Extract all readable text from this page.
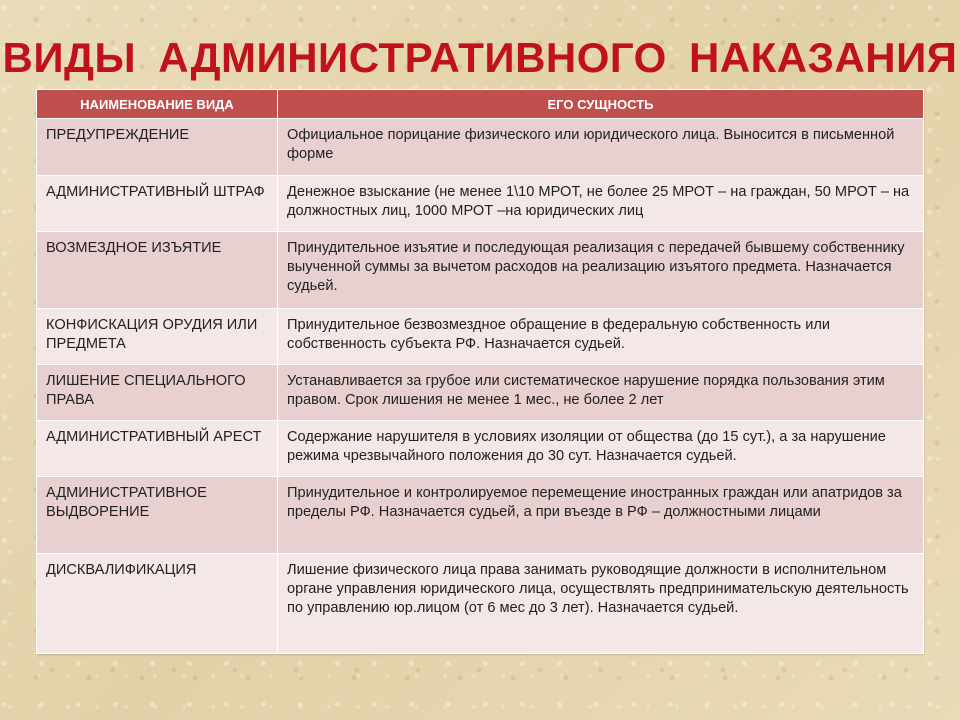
ВИДЫ АДМИНИСТРАТИВНОГО НАКАЗАНИЯ
НАИМЕНОВАНИЕ ВИДА	ЕГО СУЩНОСТЬ
ПРЕДУПРЕЖДЕНИЕ	Официальное порицание физического или юридического лица. Выносится в письменной форме
АДМИНИСТРАТИВНЫЙ ШТРАФ	Денежное взыскание (не менее 1\10 МРОТ, не более 25 МРОТ – на граждан, 50 МРОТ – на должностных лиц, 1000 МРОТ –на юридических лиц
ВОЗМЕЗДНОЕ ИЗЪЯТИЕ	Принудительное изъятие и последующая реализация с передачей бывшему собственнику выученной суммы за вычетом расходов на реализацию изъятого предмета. Назначается судьей.
КОНФИСКАЦИЯ ОРУДИЯ ИЛИ ПРЕДМЕТА	Принудительное безвозмездное обращение в федеральную собственность или собственность субъекта РФ. Назначается судьей.
ЛИШЕНИЕ СПЕЦИАЛЬНОГО ПРАВА	Устанавливается за грубое или систематическое нарушение порядка пользования этим правом. Срок лишения не менее 1 мес., не более 2 лет
АДМИНИСТРАТИВНЫЙ АРЕСТ	Содержание нарушителя в условиях изоляции от общества (до 15 сут.), а за нарушение режима чрезвычайного положения до 30 сут. Назначается судьей.
АДМИНИСТРАТИВНОЕ ВЫДВОРЕНИЕ	Принудительное и контролируемое перемещение иностранных граждан или апатридов за пределы РФ. Назначается судьей, а при въезде в РФ – должностными лицами
ДИСКВАЛИФИКАЦИЯ	Лишение физического лица права занимать руководящие должности в исполнительном органе управления юридического лица, осуществлять предпринимательскую деятельность по управлению юр.лицом (от 6 мес до 3 лет). Назначается судьей.
